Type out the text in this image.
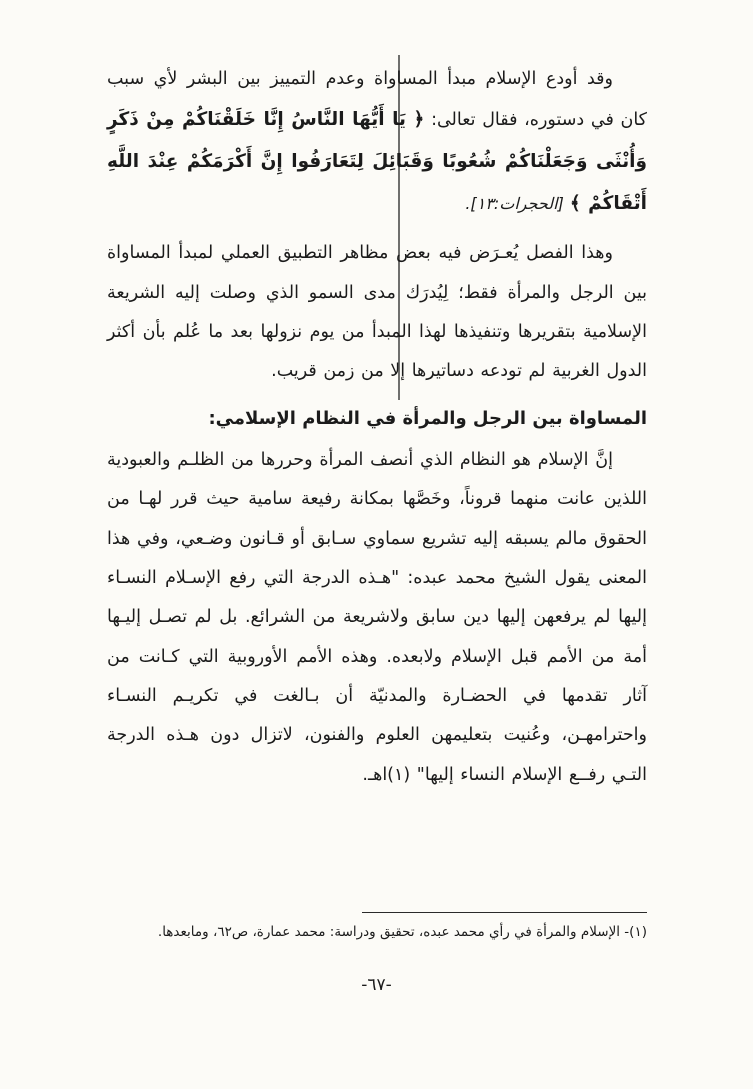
وقد أودع الإسلام مبدأ المساواة وعدم التمييز بين البشر لأي سبب كان في دستوره، فقال تعالى: ﴿ يَا أَيُّهَا النَّاسُ إِنَّا خَلَقْنَاكُمْ مِنْ ذَكَرٍ وَأُنْثَى وَجَعَلْنَاكُمْ شُعُوبًا وَقَبَائِلَ لِتَعَارَفُوا إِنَّ أَكْرَمَكُمْ عِنْدَ اللَّهِ أَتْقَاكُمْ ﴾ [الحجرات:١٣].

وهذا الفصل يُعـرَض فيه بعض مظاهر التطبيق العملي لمبدأ المساواة بين الرجل والمرأة فقط؛ لِيُدرَك مدى السمو الذي وصلت إليه الشريعة الإسلامية بتقريرها وتنفيذها لهذا المبدأ من يوم نزولها بعد ما عُلم بأن أكثر الدول الغربية لم تودعه دساتيرها إلا من زمن قريب.

المساواة بين الرجل والمرأة في النظام الإسلامي:

إنَّ الإسلام هو النظام الذي أنصف المرأة وحررها من الظلـم والعبودية اللذين عانت منهما قروناً، وخَصَّها بمكانة رفيعة سامية حيث قرر لهـا من الحقوق مالم يسبقه إليه تشريع سماوي سـابق أو قـانون وضـعي، وفي هذا المعنى يقول الشيخ محمد عبده: "هـذه الدرجة التي رفع الإسـلام النسـاء إليها لم يرفعهن إليها دين سابق ولاشريعة من الشرائع. بل لم تصـل إليـها أمة من الأمم قبل الإسلام ولابعده. وهذه الأمم الأوروبية التي كـانت من آثار تقدمها في الحضـارة والمدنيّة أن بـالغت في تكريـم النسـاء واحترامهـن، وعُنيت بتعليمهن العلوم والفنون، لاتزال دون هـذه الدرجة التـي رفــع الإسلام النساء إليها" (١)اهـ.

(١)- الإسلام والمرأة في رأي محمد عبده، تحقيق ودراسة: محمد عمارة، ص٦٢، ومابعدها.

-٦٧-
